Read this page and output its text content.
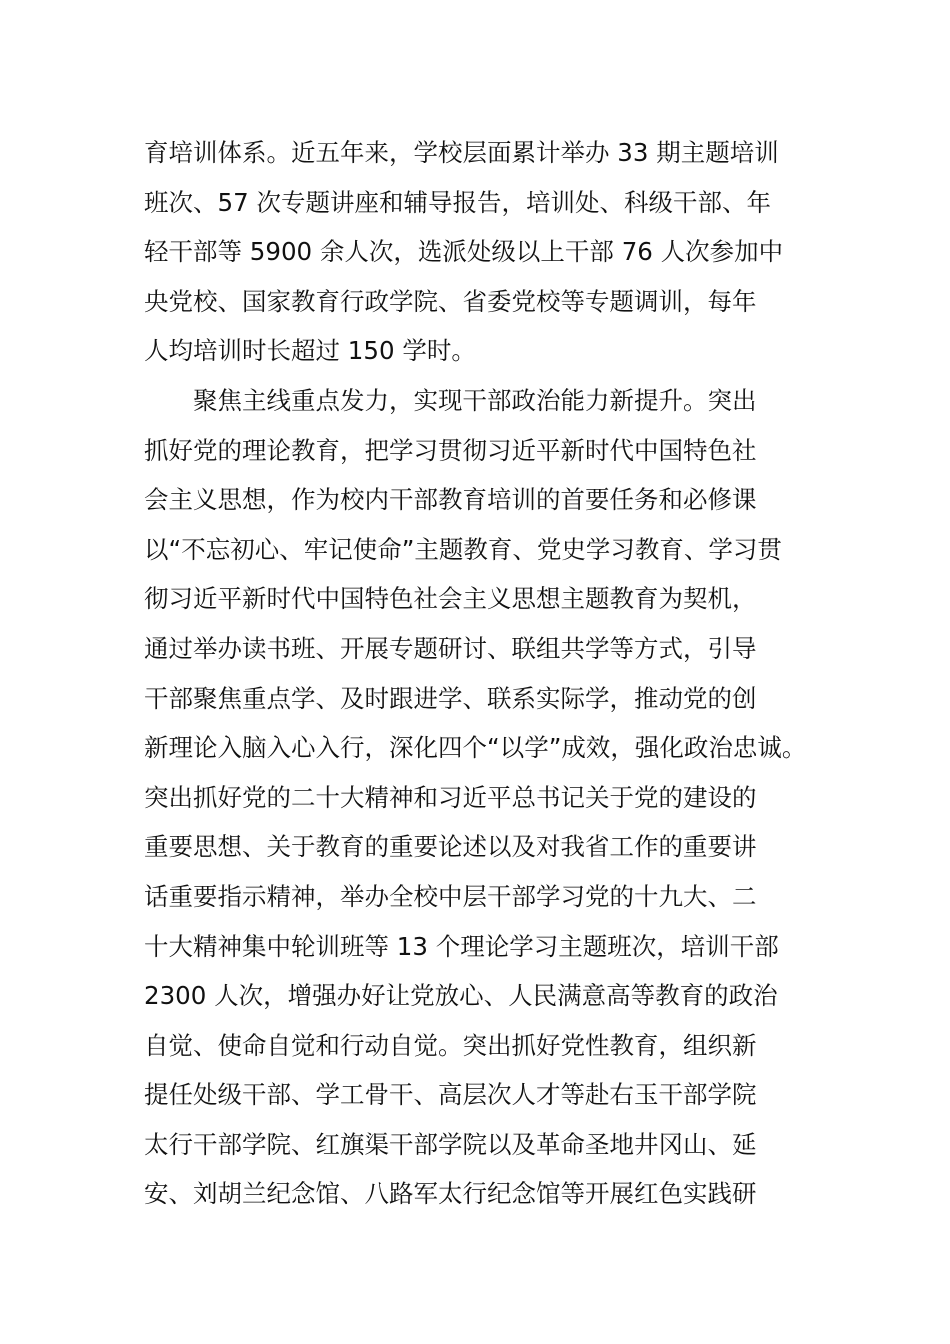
育培训体系。近五年来，学校层面累计举办 33 期主题培训
班次、57 次专题讲座和辅导报告，培训处、科级干部、年
轻干部等 5900 余人次，选派处级以上干部 76 人次参加中
央党校、国家教育行政学院、省委党校等专题调训，每年
人均培训时长超过 150 学时。
聚焦主线重点发力，实现干部政治能力新提升。突出
抓好党的理论教育，把学习贯彻习近平新时代中国特色社
会主义思想，作为校内干部教育培训的首要任务和必修课
以“不忘初心、牢记使命”主题教育、党史学习教育、学习贯
彻习近平新时代中国特色社会主义思想主题教育为契机，
通过举办读书班、开展专题研讨、联组共学等方式，引导
干部聚焦重点学、及时跟进学、联系实际学，推动党的创
新理论入脑入心入行，深化四个“以学”成效，强化政治忠诚。
突出抓好党的二十大精神和习近平总书记关于党的建设的
重要思想、关于教育的重要论述以及对我省工作的重要讲
话重要指示精神，举办全校中层干部学习党的十九大、二
十大精神集中轮训班等 13 个理论学习主题班次，培训干部
2300 人次，增强办好让党放心、人民满意高等教育的政治
自觉、使命自觉和行动自觉。突出抓好党性教育，组织新
提任处级干部、学工骨干、高层次人才等赴右玉干部学院
太行干部学院、红旗渠干部学院以及革命圣地井冈山、延
安、刘胡兰纪念馆、八路军太行纪念馆等开展红色实践研
